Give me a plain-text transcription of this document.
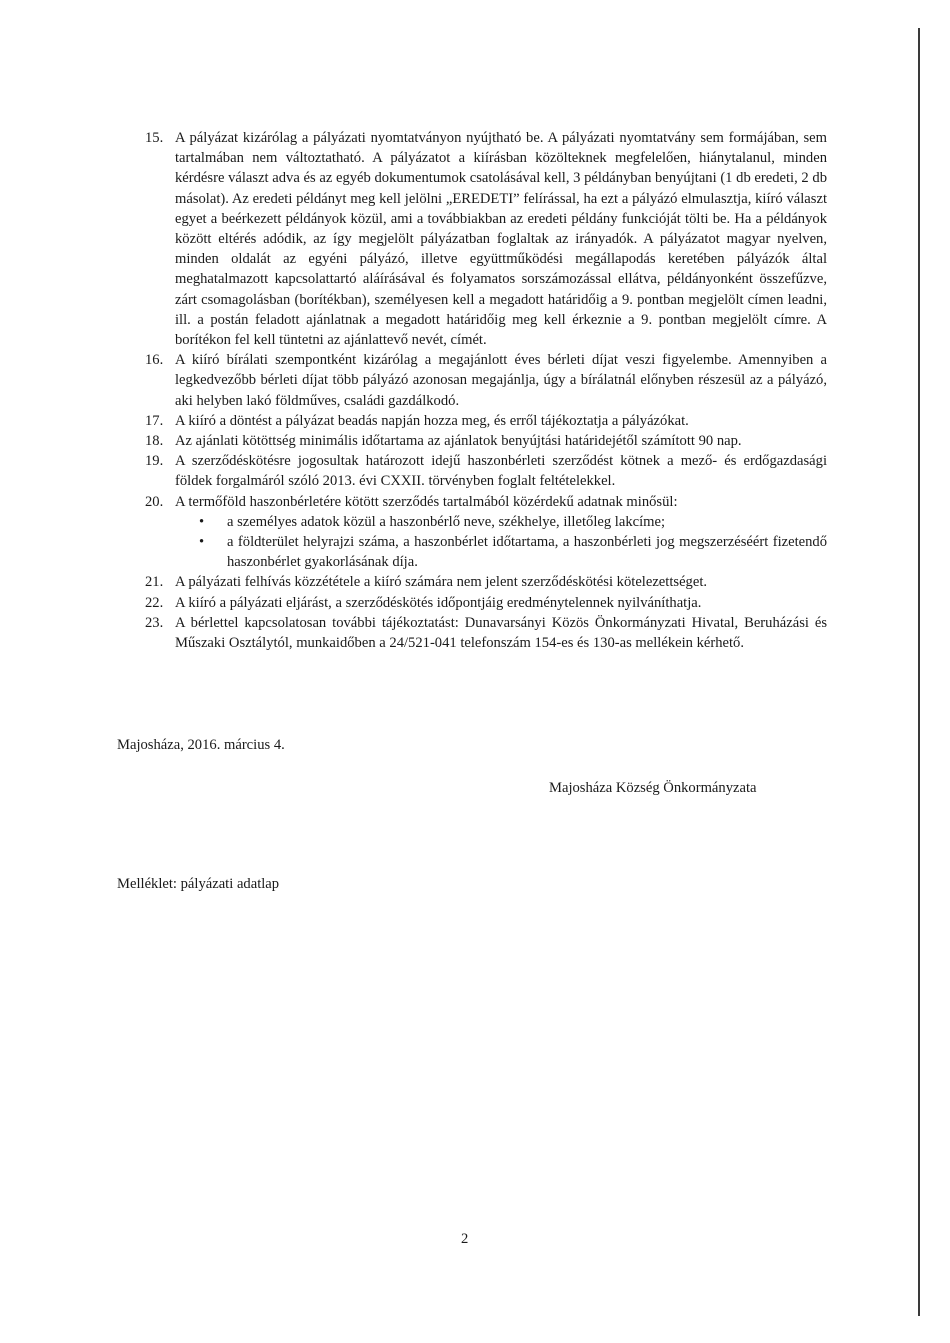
15. A pályázat kizárólag a pályázati nyomtatványon nyújtható be. A pályázati nyomtatvány sem formájában, sem tartalmában nem változtatható. A pályázatot a kiírásban közölteknek megfelelően, hiánytalanul, minden kérdésre választ adva és az egyéb dokumentumok csatolásával kell, 3 példányban benyújtani (1 db eredeti, 2 db másolat). Az eredeti példányt meg kell jelölni „EREDETI” felírással, ha ezt a pályázó elmulasztja, kiíró választ egyet a beérkezett példányok közül, ami a továbbiakban az eredeti példány funkcióját tölti be. Ha a példányok között eltérés adódik, az így megjelölt pályázatban foglaltak az irányadók. A pályázatot magyar nyelven, minden oldalát az egyéni pályázó, illetve együttműködési megállapodás keretében pályázók által meghatalmazott kapcsolattartó aláírásával és folyamatos sorszámozással ellátva, példányonként összefűzve, zárt csomagolásban (borítékban), személyesen kell a megadott határidőig a 9. pontban megjelölt címen leadni, ill. a postán feladott ajánlatnak a megadott határidőig meg kell érkeznie a 9. pontban megjelölt címre. A borítékon fel kell tüntetni az ajánlattevő nevét, címét.
16. A kiíró bírálati szempontként kizárólag a megajánlott éves bérleti díjat veszi figyelembe. Amennyiben a legkedvezőbb bérleti díjat több pályázó azonosan megajánlja, úgy a bírálatnál előnyben részesül az a pályázó, aki helyben lakó földműves, családi gazdálkodó.
17. A kiíró a döntést a pályázat beadás napján hozza meg, és erről tájékoztatja a pályázókat.
18. Az ajánlati kötöttség minimális időtartama az ajánlatok benyújtási határidejétől számított 90 nap.
19. A szerződéskötésre jogosultak határozott idejű haszonbérleti szerződést kötnek a mező- és erdőgazdasági földek forgalmáról szóló 2013. évi CXXII. törvényben foglalt feltételekkel.
20. A termőföld haszonbérletére kötött szerződés tartalmából közérdekű adatnak minősül:
• a személyes adatok közül a haszonbérlő neve, székhelye, illetőleg lakcíme;
• a földterület helyrajzi száma, a haszonbérlet időtartama, a haszonbérleti jog megszerzéséért fizetendő haszonbérlet gyakorlásának díja.
21. A pályázati felhívás közzététele a kiíró számára nem jelent szerződéskötési kötelezettséget.
22. A kiíró a pályázati eljárást, a szerződéskötés időpontjáig eredménytelennek nyilváníthatja.
23. A bérlettel kapcsolatosan további tájékoztatást: Dunavarsányi Közös Önkormányzati Hivatal, Beruházási és Műszaki Osztálytól, munkaidőben a 24/521-041 telefonszám 154-es és 130-as mellékein kérhető.
Majosháza, 2016. március 4.
Majosháza Község Önkormányzata
Melléklet: pályázati adatlap
2
